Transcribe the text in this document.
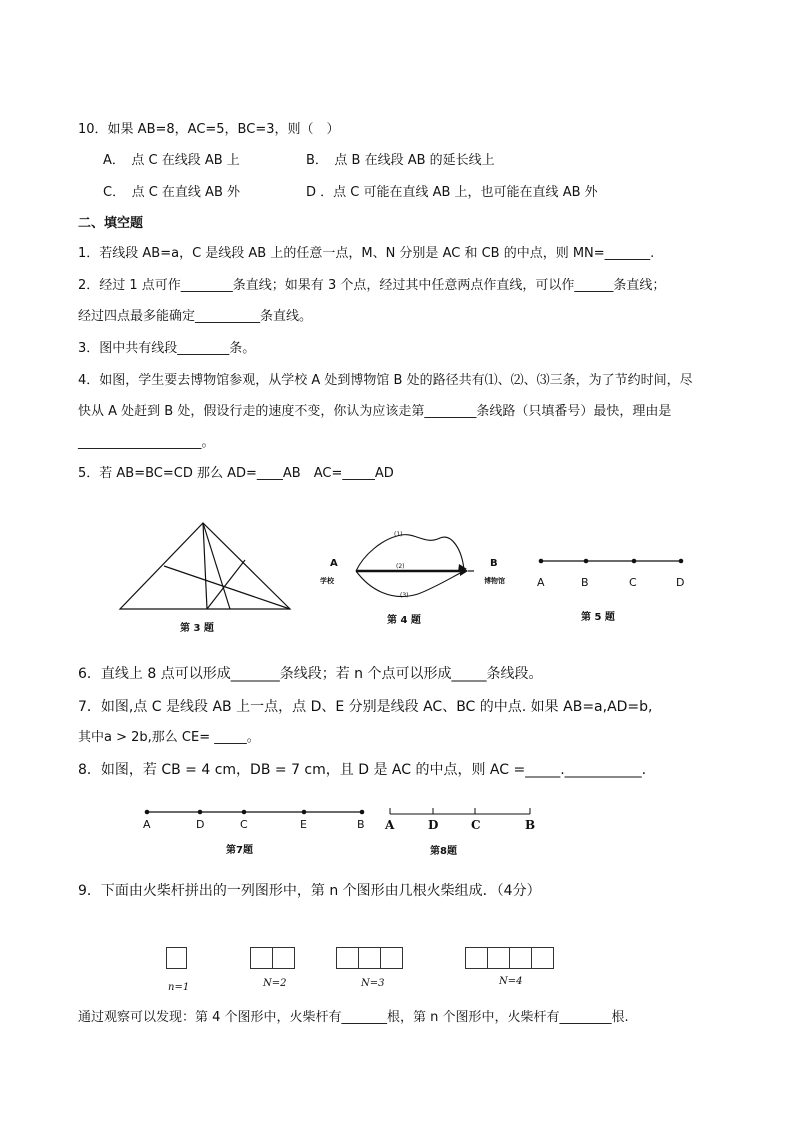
10．如果 AB=8，AC=5，BC=3，则（　）
A．　点 C 在线段 AB 上	B．　点 B 在线段 AB 的延长线上
C．　点 C 在直线 AB 外	D ．点 C 可能在直线 AB 上，也可能在直线 AB 外
二、填空题
1．若线段 AB=a，C 是线段 AB 上的任意一点，M、N 分别是 AC 和 CB 的中点，则 MN=_______.
2．经过 1 点可作________条直线；如果有 3 个点，经过其中任意两点作直线，可以作______条直线；
经过四点最多能确定__________条直线。
3．图中共有线段________条。
4．如图，学生要去博物馆参观，从学校 A 处到博物馆 B 处的路径共有⑴、⑵、⑶三条，为了节约时间，尽
快从 A 处赶到 B 处，假设行走的速度不变，你认为应该走第________条线路（只填番号）最快，理由是
___________________。
5．若 AB=BC=CD 那么 AD=____AB　AC=_____AD
第 3 题
A
学校
B
博物馆
(1)
(2)
(3)
第 4 题
A	B	C	D
第 5 题
6．直线上 8 点可以形成_______条线段；若 n 个点可以形成_____条线段。
7．如图,点 C 是线段 AB 上一点，点 D、E 分别是线段 AC、BC 的中点. 如果 AB=a,AD=b,
其中a > 2b,那么 CE= _____。
8．如图，若 CB = 4 cm，DB = 7 cm，且 D 是 AC 的中点，则 AC =_____.___________.
A	D	C	E	B
第7题
A	D	C	B
第8题
9．下面由火柴杆拼出的一列图形中，第 n 个图形由几根火柴组成．（4分）
n=1	N=2	N=3	N=4
通过观察可以发现：第 4 个图形中，火柴杆有_______根，第 n 个图形中，火柴杆有________根.
